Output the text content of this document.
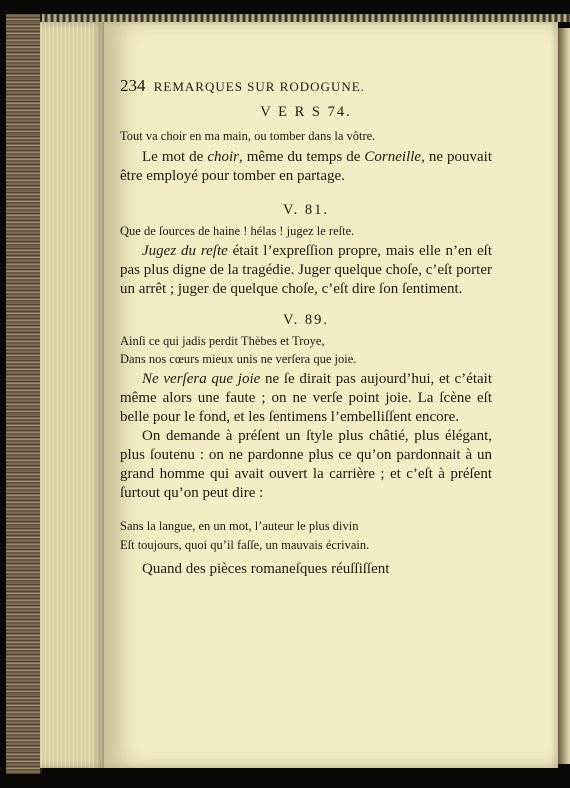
234 REMARQUES SUR RODOGUNE.
V E R S 74.
Tout va choir en ma main, ou tomber dans la vôtre.

Le mot de choir, même du temps de Corneille, ne pouvait être employé pour tomber en partage.

V. 81.
Que de ſources de haine ! hélas ! jugez le reſte.

Jugez du reſte était l’expreſſion propre, mais elle n’en eſt pas plus digne de la tragédie. Juger quelque choſe, c’eſt porter un arrêt ; juger de quelque choſe, c’eſt dire ſon ſentiment.

V. 89.
Ainſi ce qui jadis perdit Thèbes et Troye,
Dans nos cœurs mieux unis ne verſera que joie.

Ne verſera que joie ne ſe dirait pas aujourd’hui, et c’était même alors une faute ; on ne verſe point joie. La ſcène eſt belle pour le fond, et les ſentimens l’embelliſſent encore.

On demande à préſent un ſtyle plus châtié, plus élégant, plus ſoutenu : on ne pardonne plus ce qu’on pardonnait à un grand homme qui avait ouvert la carrière ; et c’eſt à préſent ſurtout qu’on peut dire :

Sans la langue, en un mot, l’auteur le plus divin
Eſt toujours, quoi qu’il faſſe, un mauvais écrivain.

Quand des pièces romaneſques réuſſiſſent
